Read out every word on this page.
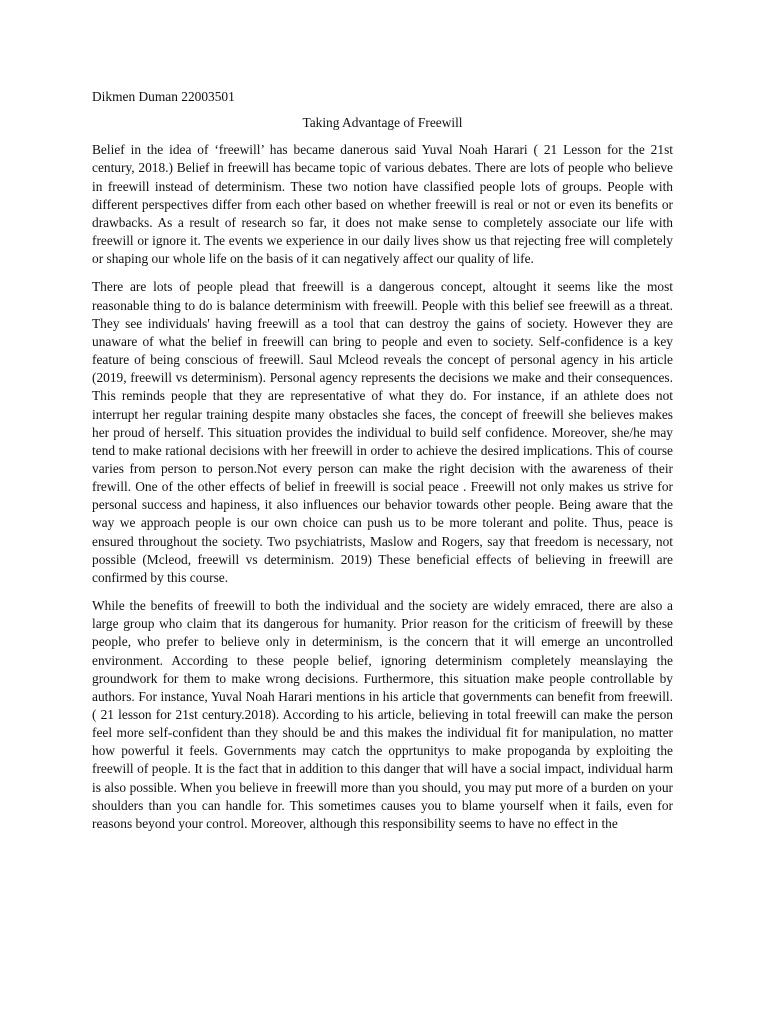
Dikmen Duman 22003501

Taking Advantage of Freewill

Belief in the idea of ‘freewill’ has became danerous said Yuval Noah Harari ( 21 Lesson for the 21st century, 2018.) Belief in freewill has became topic of various debates. There are lots of people who believe in freewill instead of determinism. These two notion have classified people lots of groups. People with different perspectives differ from each other based on whether freewill is real or not or even its benefits or drawbacks. As a result of research so far, it does not make sense to completely associate our life with freewill or ignore it. The events we experience in our daily lives show us that rejecting free will completely or shaping our whole life on the basis of it can negatively affect our quality of life.

There are lots of people plead that freewill is a dangerous concept, altought it seems like the most reasonable thing to do is balance determinism with freewill. People with this belief see freewill as a threat. They see individuals' having freewill as a tool that can destroy the gains of society. However they are unaware of what the belief in freewill can bring to people and even to society. Self-confidence is a key feature of being conscious of freewill. Saul Mcleod reveals the concept of personal agency in his article (2019, freewill vs determinism). Personal agency represents the decisions we make and their consequences. This reminds people that they are representative of what they do. For instance, if an athlete does not interrupt her regular training despite many obstacles she faces, the concept of freewill she believes makes her proud of herself. This situation provides the individual to build self confidence. Moreover, she/he may tend to make rational decisions with her freewill in order to achieve the desired implications. This of course varies from person to person.Not every person can make the right decision with the awareness of their frewill. One of the other effects of belief in freewill is social peace . Freewill not only makes us strive for personal success and hapiness, it also influences our behavior towards other people. Being aware that the way we approach people is our own choice can push us to be more tolerant and polite. Thus, peace is ensured throughout the society. Two psychiatrists, Maslow and Rogers, say that freedom is necessary, not possible (Mcleod, freewill vs determinism. 2019) These beneficial effects of believing in freewill are confirmed by this course.

While the benefits of freewill to both the individual and the society are widely emraced, there are also a large group who claim that its dangerous for humanity. Prior reason for the criticism of freewill by these people, who prefer to believe only in determinism, is the concern that it will emerge an uncontrolled environment. According to these people belief, ignoring determinism completely meanslaying the groundwork for them to make wrong decisions. Furthermore, this situation make people controllable by authors. For instance, Yuval Noah Harari mentions in his article that governments can benefit from freewill. ( 21 lesson for 21st century.2018). According to his article, believing in total freewill can make the person feel more self-confident than they should be and this makes the individual fit for manipulation, no matter how powerful it feels. Governments may catch the opprtunitys to make propoganda by exploiting the freewill of people. It is the fact that in addition to this danger that will have a social impact, individual harm is also possible. When you believe in freewill more than you should, you may put more of a burden on your shoulders than you can handle for. This sometimes causes you to blame yourself when it fails, even for reasons beyond your control. Moreover, although this responsibility seems to have no effect in the
